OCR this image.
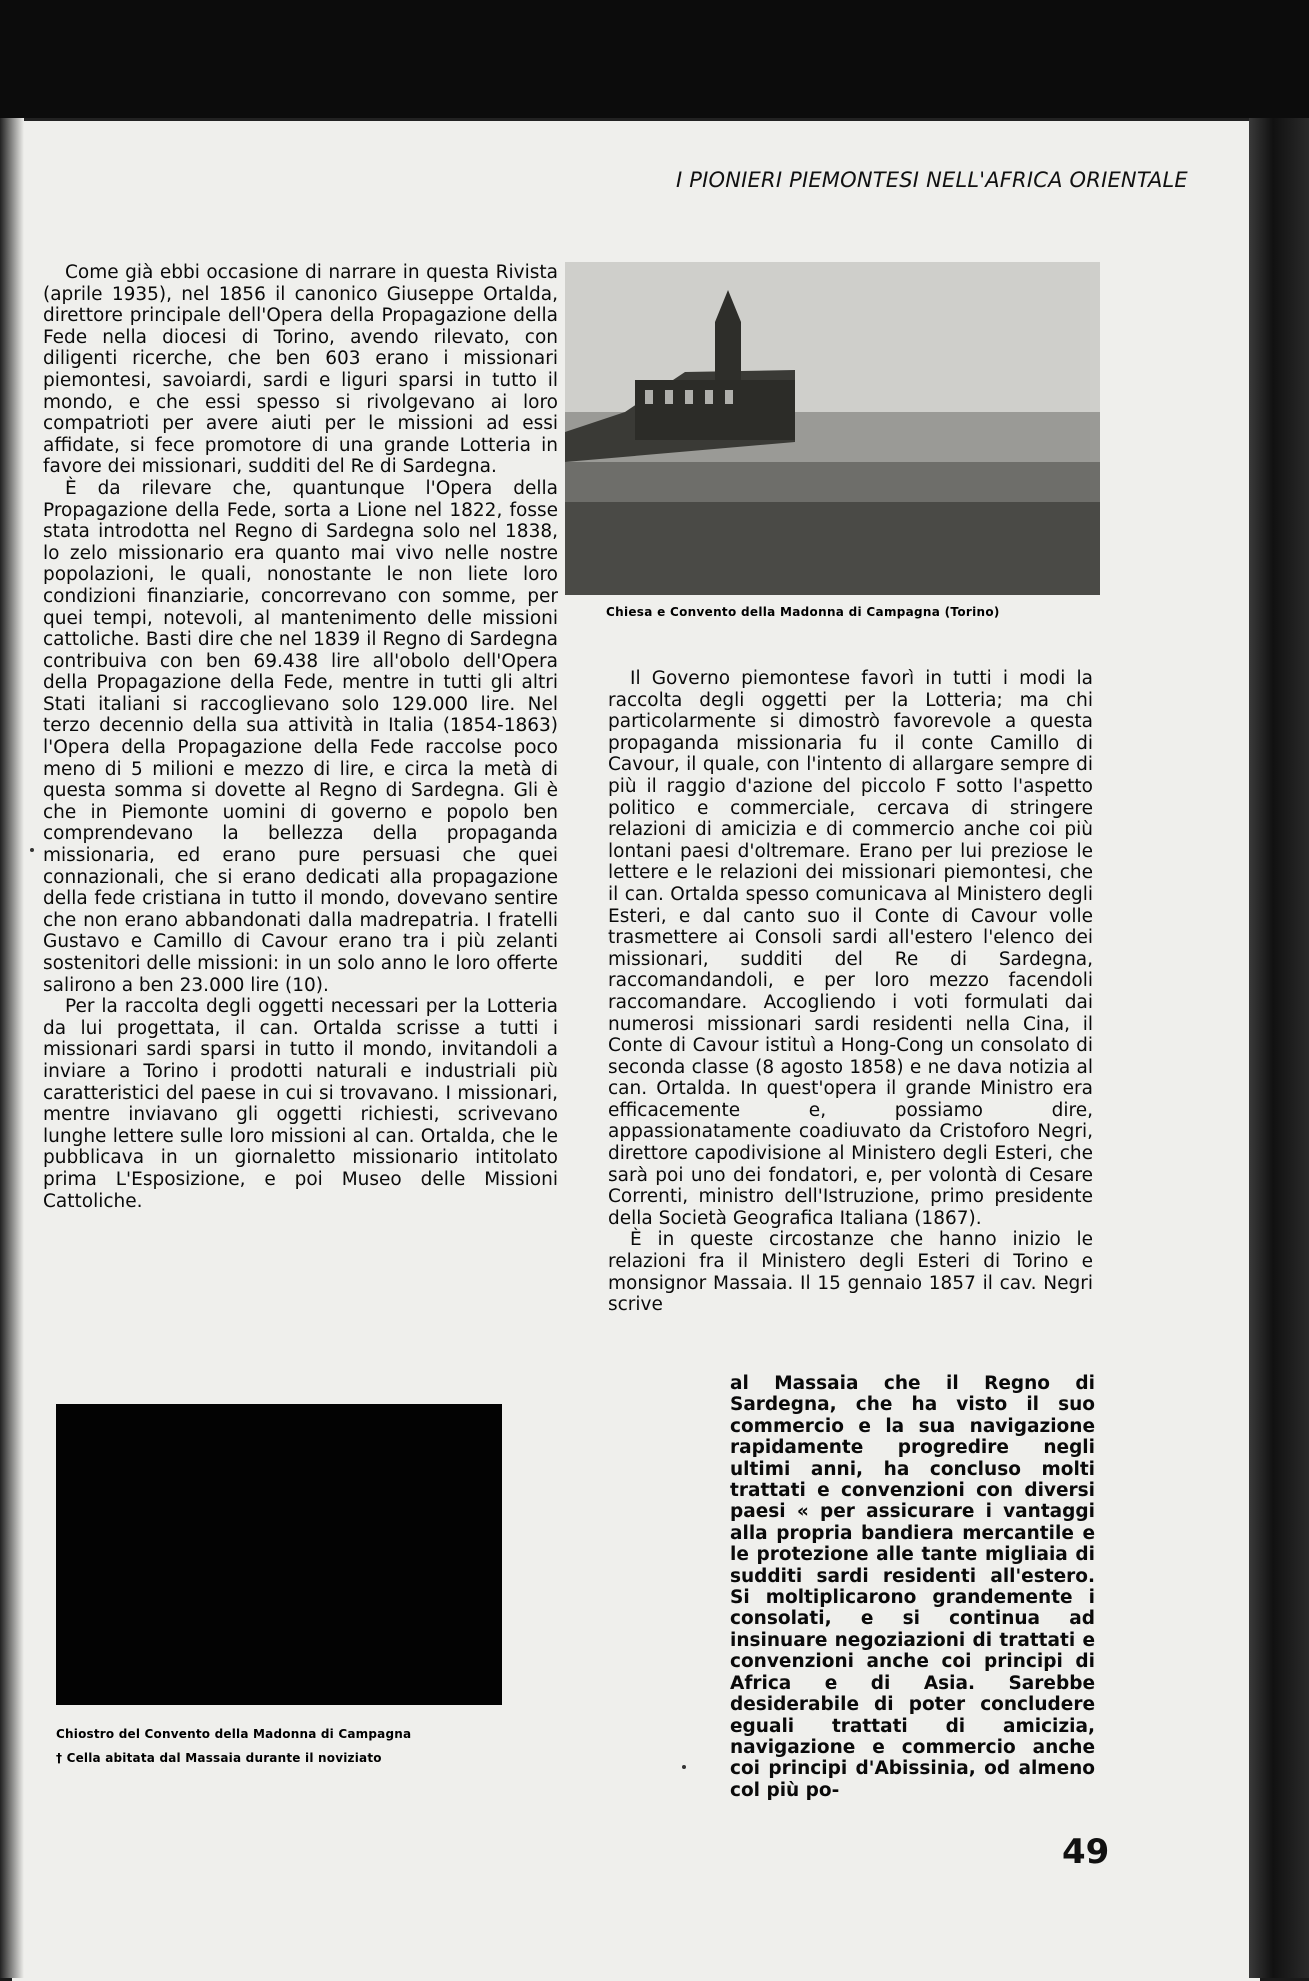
I PIONIERI PIEMONTESI NELL'AFRICA ORIENTALE

Come già ebbi occasione di narrare in questa Rivista (aprile 1935), nel 1856 il canonico Giuseppe Ortalda, direttore principale dell'Opera della Propagazione della Fede nella diocesi di Torino, avendo rilevato, con diligenti ricerche, che ben 603 erano i missionari piemontesi, savoiardi, sardi e liguri sparsi in tutto il mondo, e che essi spesso si rivolgevano ai loro compatrioti per avere aiuti per le missioni ad essi affidate, si fece promotore di una grande Lotteria in favore dei missionari, sudditi del Re di Sardegna.

È da rilevare che, quantunque l'Opera della Propagazione della Fede, sorta a Lione nel 1822, fosse stata introdotta nel Regno di Sardegna solo nel 1838, lo zelo missionario era quanto mai vivo nelle nostre popolazioni, le quali, nonostante le non liete loro condizioni finanziarie, concorrevano con somme, per quei tempi, notevoli, al mantenimento delle missioni cattoliche. Basti dire che nel 1839 il Regno di Sardegna contribuiva con ben 69.438 lire all'obolo dell'Opera della Propagazione della Fede, mentre in tutti gli altri Stati italiani si raccoglievano solo 129.000 lire. Nel terzo decennio della sua attività in Italia (1854-1863) l'Opera della Propagazione della Fede raccolse poco meno di 5 milioni e mezzo di lire, e circa la metà di questa somma si dovette al Regno di Sardegna. Gli è che in Piemonte uomini di governo e popolo ben comprendevano la bellezza della propaganda missionaria, ed erano pure persuasi che quei connazionali, che si erano dedicati alla propagazione della fede cristiana in tutto il mondo, dovevano sentire che non erano abbandonati dalla madrepatria. I fratelli Gustavo e Camillo di Cavour erano tra i più zelanti sostenitori delle missioni: in un solo anno le loro offerte salirono a ben 23.000 lire (10).

Per la raccolta degli oggetti necessari per la Lotteria da lui progettata, il can. Ortalda scrisse a tutti i missionari sardi sparsi in tutto il mondo, invitandoli a inviare a Torino i prodotti naturali e industriali più caratteristici del paese in cui si trovavano. I missionari, mentre inviavano gli oggetti richiesti, scrivevano lunghe lettere sulle loro missioni al can. Ortalda, che le pubblicava in un giornaletto missionario intitolato prima L'Esposizione, e poi Museo delle Missioni Cattoliche.

Chiesa e Convento della Madonna di Campagna (Torino)

Il Governo piemontese favorì in tutti i modi la raccolta degli oggetti per la Lotteria; ma chi particolarmente si dimostrò favorevole a questa propaganda missionaria fu il conte Camillo di Cavour, il quale, con l'intento di allargare sempre di più il raggio d'azione del piccolo F sotto l'aspetto politico e commerciale, cercava di stringere relazioni di amicizia e di commercio anche coi più lontani paesi d'oltremare. Erano per lui preziose le lettere e le relazioni dei missionari piemontesi, che il can. Ortalda spesso comunicava al Ministero degli Esteri, e dal canto suo il Conte di Cavour volle trasmettere ai Consoli sardi all'estero l'elenco dei missionari, sudditi del Re di Sardegna, raccomandandoli, e per loro mezzo facendoli raccomandare. Accogliendo i voti formulati dai numerosi missionari sardi residenti nella Cina, il Conte di Cavour istituì a Hong-Cong un consolato di seconda classe (8 agosto 1858) e ne dava notizia al can. Ortalda. In quest'opera il grande Ministro era efficacemente e, possiamo dire, appassionatamente coadiuvato da Cristoforo Negri, direttore capodivisione al Ministero degli Esteri, che sarà poi uno dei fondatori, e, per volontà di Cesare Correnti, ministro dell'Istruzione, primo presidente della Società Geografica Italiana (1867).

È in queste circostanze che hanno inizio le relazioni fra il Ministero degli Esteri di Torino e monsignor Massaia. Il 15 gennaio 1857 il cav. Negri scrive

al Massaia che il Regno di Sardegna, che ha visto il suo commercio e la sua navigazione rapidamente progredire negli ultimi anni, ha concluso molti trattati e convenzioni con diversi paesi « per assicurare i vantaggi alla propria bandiera mercantile e le protezione alle tante migliaia di sudditi sardi residenti all'estero. Si moltiplicarono grandemente i consolati, e si continua ad insinuare negoziazioni di trattati e convenzioni anche coi principi di Africa e di Asia. Sarebbe desiderabile di poter concludere eguali trattati di amicizia, navigazione e commercio anche coi principi d'Abissinia, od almeno col più po-

Chiostro del Convento della Madonna di Campagna
† Cella abitata dal Massaia durante il noviziato
49
